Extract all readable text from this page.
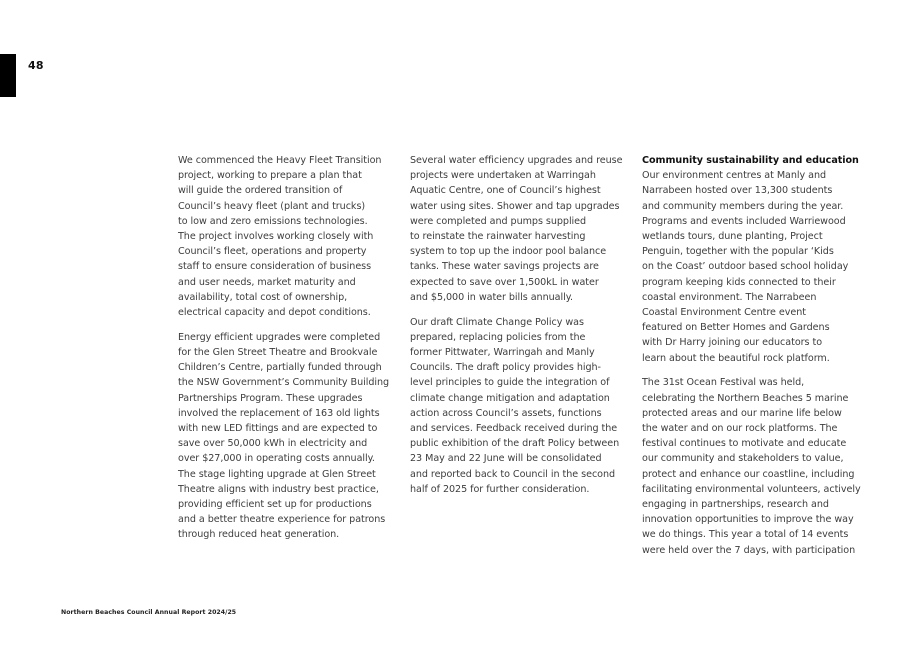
48

We commenced the Heavy Fleet Transition
project, working to prepare a plan that
will guide the ordered transition of
Council’s heavy fleet (plant and trucks)
to low and zero emissions technologies.
The project involves working closely with
Council’s fleet, operations and property
staff to ensure consideration of business
and user needs, market maturity and
availability, total cost of ownership,
electrical capacity and depot conditions.

Energy efficient upgrades were completed
for the Glen Street Theatre and Brookvale
Children’s Centre, partially funded through
the NSW Government’s Community Building
Partnerships Program. These upgrades
involved the replacement of 163 old lights
with new LED fittings and are expected to
save over 50,000 kWh in electricity and
over $27,000 in operating costs annually.
The stage lighting upgrade at Glen Street
Theatre aligns with industry best practice,
providing efficient set up for productions
and a better theatre experience for patrons
through reduced heat generation.

Several water efficiency upgrades and reuse
projects were undertaken at Warringah
Aquatic Centre, one of Council’s highest
water using sites. Shower and tap upgrades
were completed and pumps supplied
to reinstate the rainwater harvesting
system to top up the indoor pool balance
tanks. These water savings projects are
expected to save over 1,500kL in water
and $5,000 in water bills annually.

Our draft Climate Change Policy was
prepared, replacing policies from the
former Pittwater, Warringah and Manly
Councils. The draft policy provides high-
level principles to guide the integration of
climate change mitigation and adaptation
action across Council’s assets, functions
and services. Feedback received during the
public exhibition of the draft Policy between
23 May and 22 June will be consolidated
and reported back to Council in the second
half of 2025 for further consideration.

Community sustainability and education

Our environment centres at Manly and
Narrabeen hosted over 13,300 students
and community members during the year.
Programs and events included Warriewood
wetlands tours, dune planting, Project
Penguin, together with the popular ‘Kids
on the Coast’ outdoor based school holiday
program keeping kids connected to their
coastal environment. The Narrabeen
Coastal Environment Centre event
featured on Better Homes and Gardens
with Dr Harry joining our educators to
learn about the beautiful rock platform.

The 31st Ocean Festival was held,
celebrating the Northern Beaches 5 marine
protected areas and our marine life below
the water and on our rock platforms. The
festival continues to motivate and educate
our community and stakeholders to value,
protect and enhance our coastline, including
facilitating environmental volunteers, actively
engaging in partnerships, research and
innovation opportunities to improve the way
we do things. This year a total of 14 events
were held over the 7 days, with participation

Northern Beaches Council Annual Report 2024/25
